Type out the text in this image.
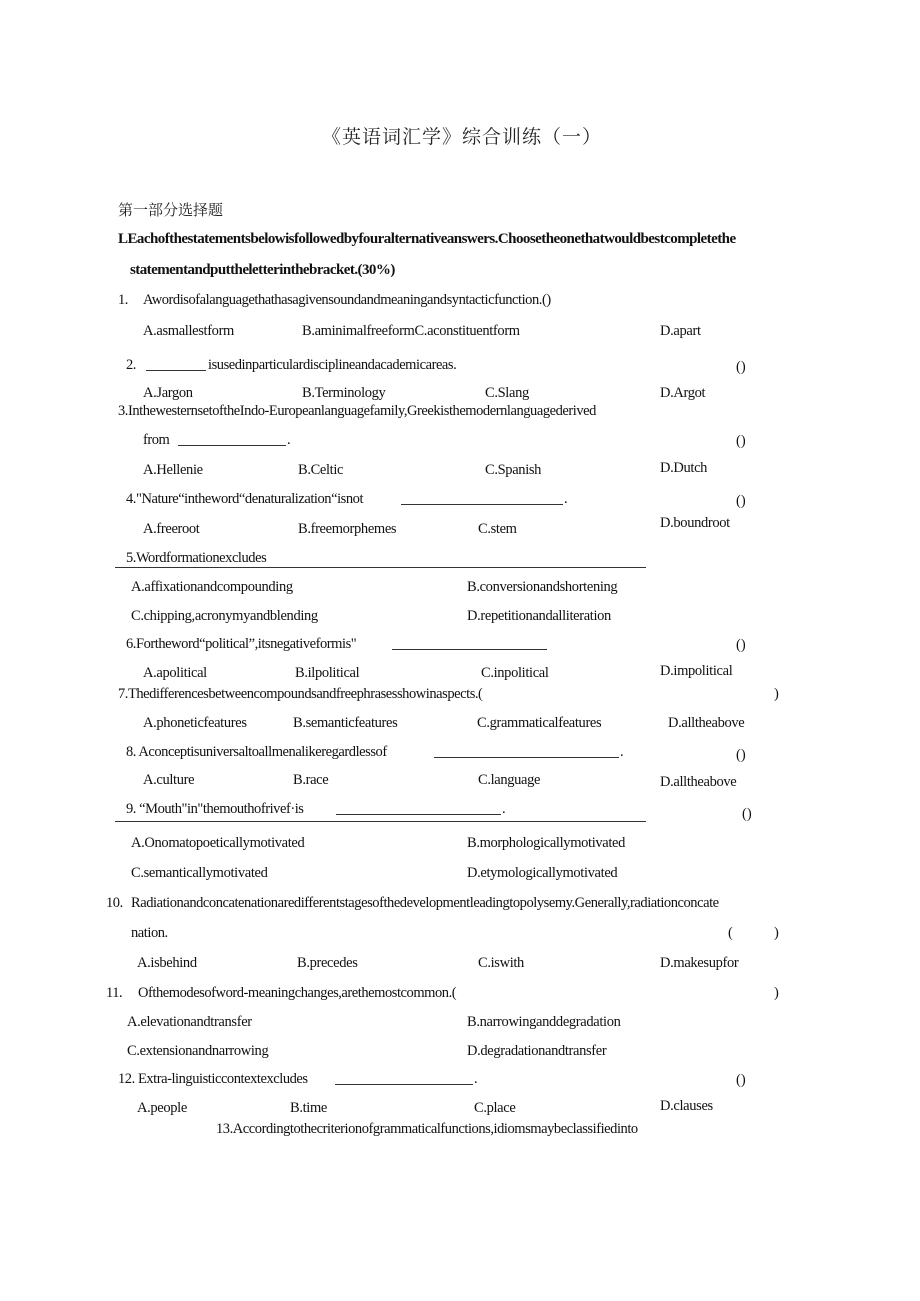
《英语词汇学》综合训练（一）
第一部分选择题
LEachofthestatementsbelowisfollowedbyfouralternativeanswers.Choosetheonethatwouldbestcompletethe
statementandputtheletterinthebracket.(30%)
1. Awordisofalanguagethathasagivensoundandmeaningandsyntacticfunction.()
A.asmallestform	B.aminimalfreeformC.aconstituentform	D.apart
2.	isusedinparticulardisciplineandacademicareas.	()
A.Jargon	B.Terminology	C.Slang	D.Argot
3.InthewesternsetoftheIndo-Europeanlanguagefamily,Greekisthemodernlanguagederived
from	.	()
A.Hellenie	B.Celtic	C.Spanish	D.Dutch
4."Nature“intheword“denaturalization“isnot	.	()
A.freeroot	B.freemorphemes	C.stem	D.boundroot
5.Wordformationexcludes
A.affixationandcompounding	B.conversionandshortening
C.chipping,acronymyandblending	D.repetitionandalliteration
6.Fortheword“political”,itsnegativeformis"	()
A.apolitical	B.ilpolitical	C.inpolitical	D.impolitical
7.Thedifferencesbetweencompoundsandfreephrasesshowinaspects.(	)
A.phoneticfeatures	B.semanticfeatures	C.grammaticalfeatures	D.alltheabove
8. Aconceptisuniversaltoallmenalikeregardlessof	.	()
A.culture	B.race	C.language	D.alltheabove
9. “Mouth"in"themouthofrivef·is	.	()
A.Onomatopoeticallymotivated	B.morphologicallymotivated
C.semanticallymotivated	D.etymologicallymotivated
10. Radiationandconcatenationaredifferentstagesofthedevelopmentleadingtopolysemy.Generally,radiationconcate
nation.	(	)
A.isbehind	B.precedes	C.iswith	D.makesupfor
11. Ofthemodesofword-meaningchanges,arethemostcommon.(	)
A.elevationandtransfer	B.narrowinganddegradation
C.extensionandnarrowing	D.degradationandtransfer
12. Extra-linguisticcontextexcludes	.	()
A.people	B.time	C.place	D.clauses
13.Accordingtothecriterionofgrammaticalfunctions,idiomsmaybeclassifiedinto
